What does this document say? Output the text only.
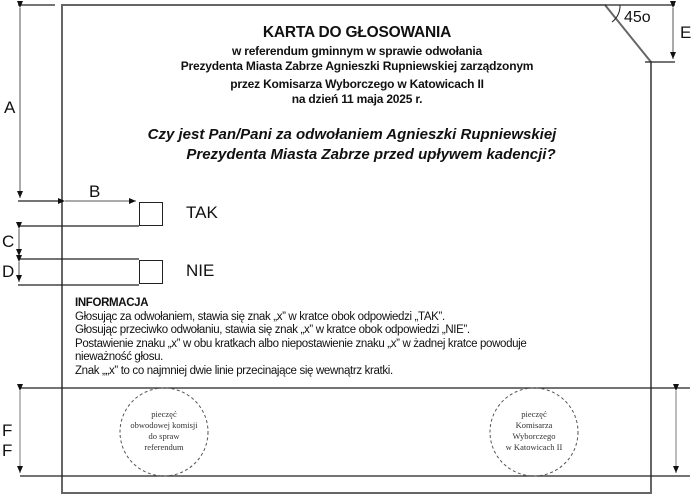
KARTA DO GŁOSOWANIA
w referendum gminnym w sprawie odwołania
Prezydenta Miasta Zabrze Agnieszki Rupniewskiej zarządzonym
przez Komisarza Wyborczego w Katowicach II
na dzień 11 maja 2025 r.
Czy jest Pan/Pani za odwołaniem Agnieszki Rupniewskiej
Prezydenta Miasta Zabrze przed upływem kadencji?
45o
A
B
C
D
E
F
F
TAK
NIE
INFORMACJA
Głosując za odwołaniem, stawia się znak „x” w kratce obok odpowiedzi „TAK”.
Głosując przeciwko odwołaniu, stawia się znak „x” w kratce obok odpowiedzi „NIE”.
Postawienie znaku „x” w obu kratkach albo niepostawienie znaku „x” w żadnej kratce powoduje
nieważność głosu.
Znak „„x” to co najmniej dwie linie przecinające się wewnątrz kratki.
pieczęć
obwodowej komisji
do spraw
referendum
pieczęć
Komisarza
Wyborczego
w Katowicach II
